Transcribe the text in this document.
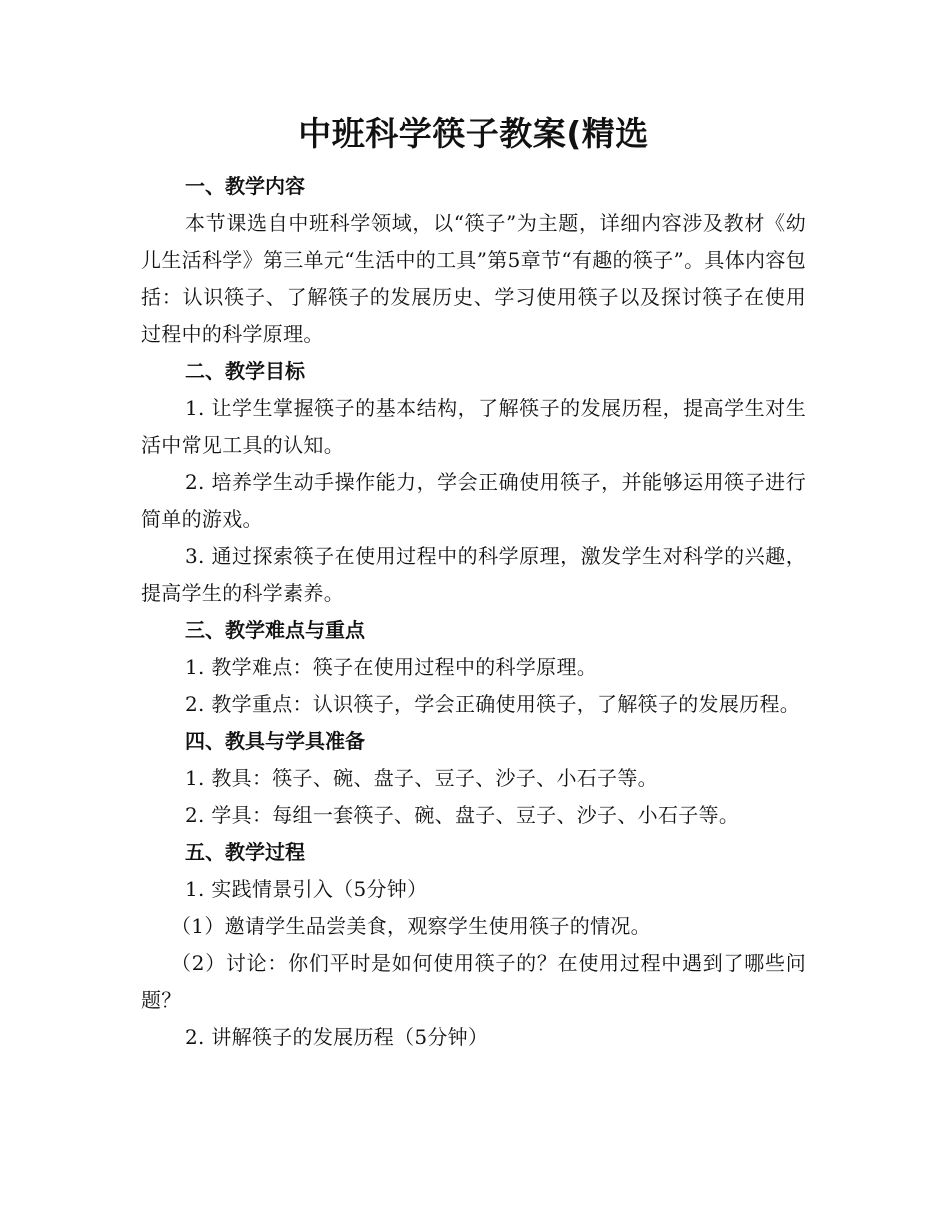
中班科学筷子教案(精选
一、教学内容

本节课选自中班科学领域，以“筷子”为主题，详细内容涉及教材《幼儿生活科学》第三单元“生活中的工具”第5章节“有趣的筷子”。具体内容包括：认识筷子、了解筷子的发展历史、学习使用筷子以及探讨筷子在使用过程中的科学原理。

二、教学目标

1. 让学生掌握筷子的基本结构，了解筷子的发展历程，提高学生对生活中常见工具的认知。

2. 培养学生动手操作能力，学会正确使用筷子，并能够运用筷子进行简单的游戏。

3. 通过探索筷子在使用过程中的科学原理，激发学生对科学的兴趣，提高学生的科学素养。

三、教学难点与重点

1. 教学难点：筷子在使用过程中的科学原理。

2. 教学重点：认识筷子，学会正确使用筷子，了解筷子的发展历程。

四、教具与学具准备

1. 教具：筷子、碗、盘子、豆子、沙子、小石子等。

2. 学具：每组一套筷子、碗、盘子、豆子、沙子、小石子等。

五、教学过程

1. 实践情景引入（5分钟）

（1）邀请学生品尝美食，观察学生使用筷子的情况。

（2）讨论：你们平时是如何使用筷子的？在使用过程中遇到了哪些问题？

2. 讲解筷子的发展历程（5分钟）
